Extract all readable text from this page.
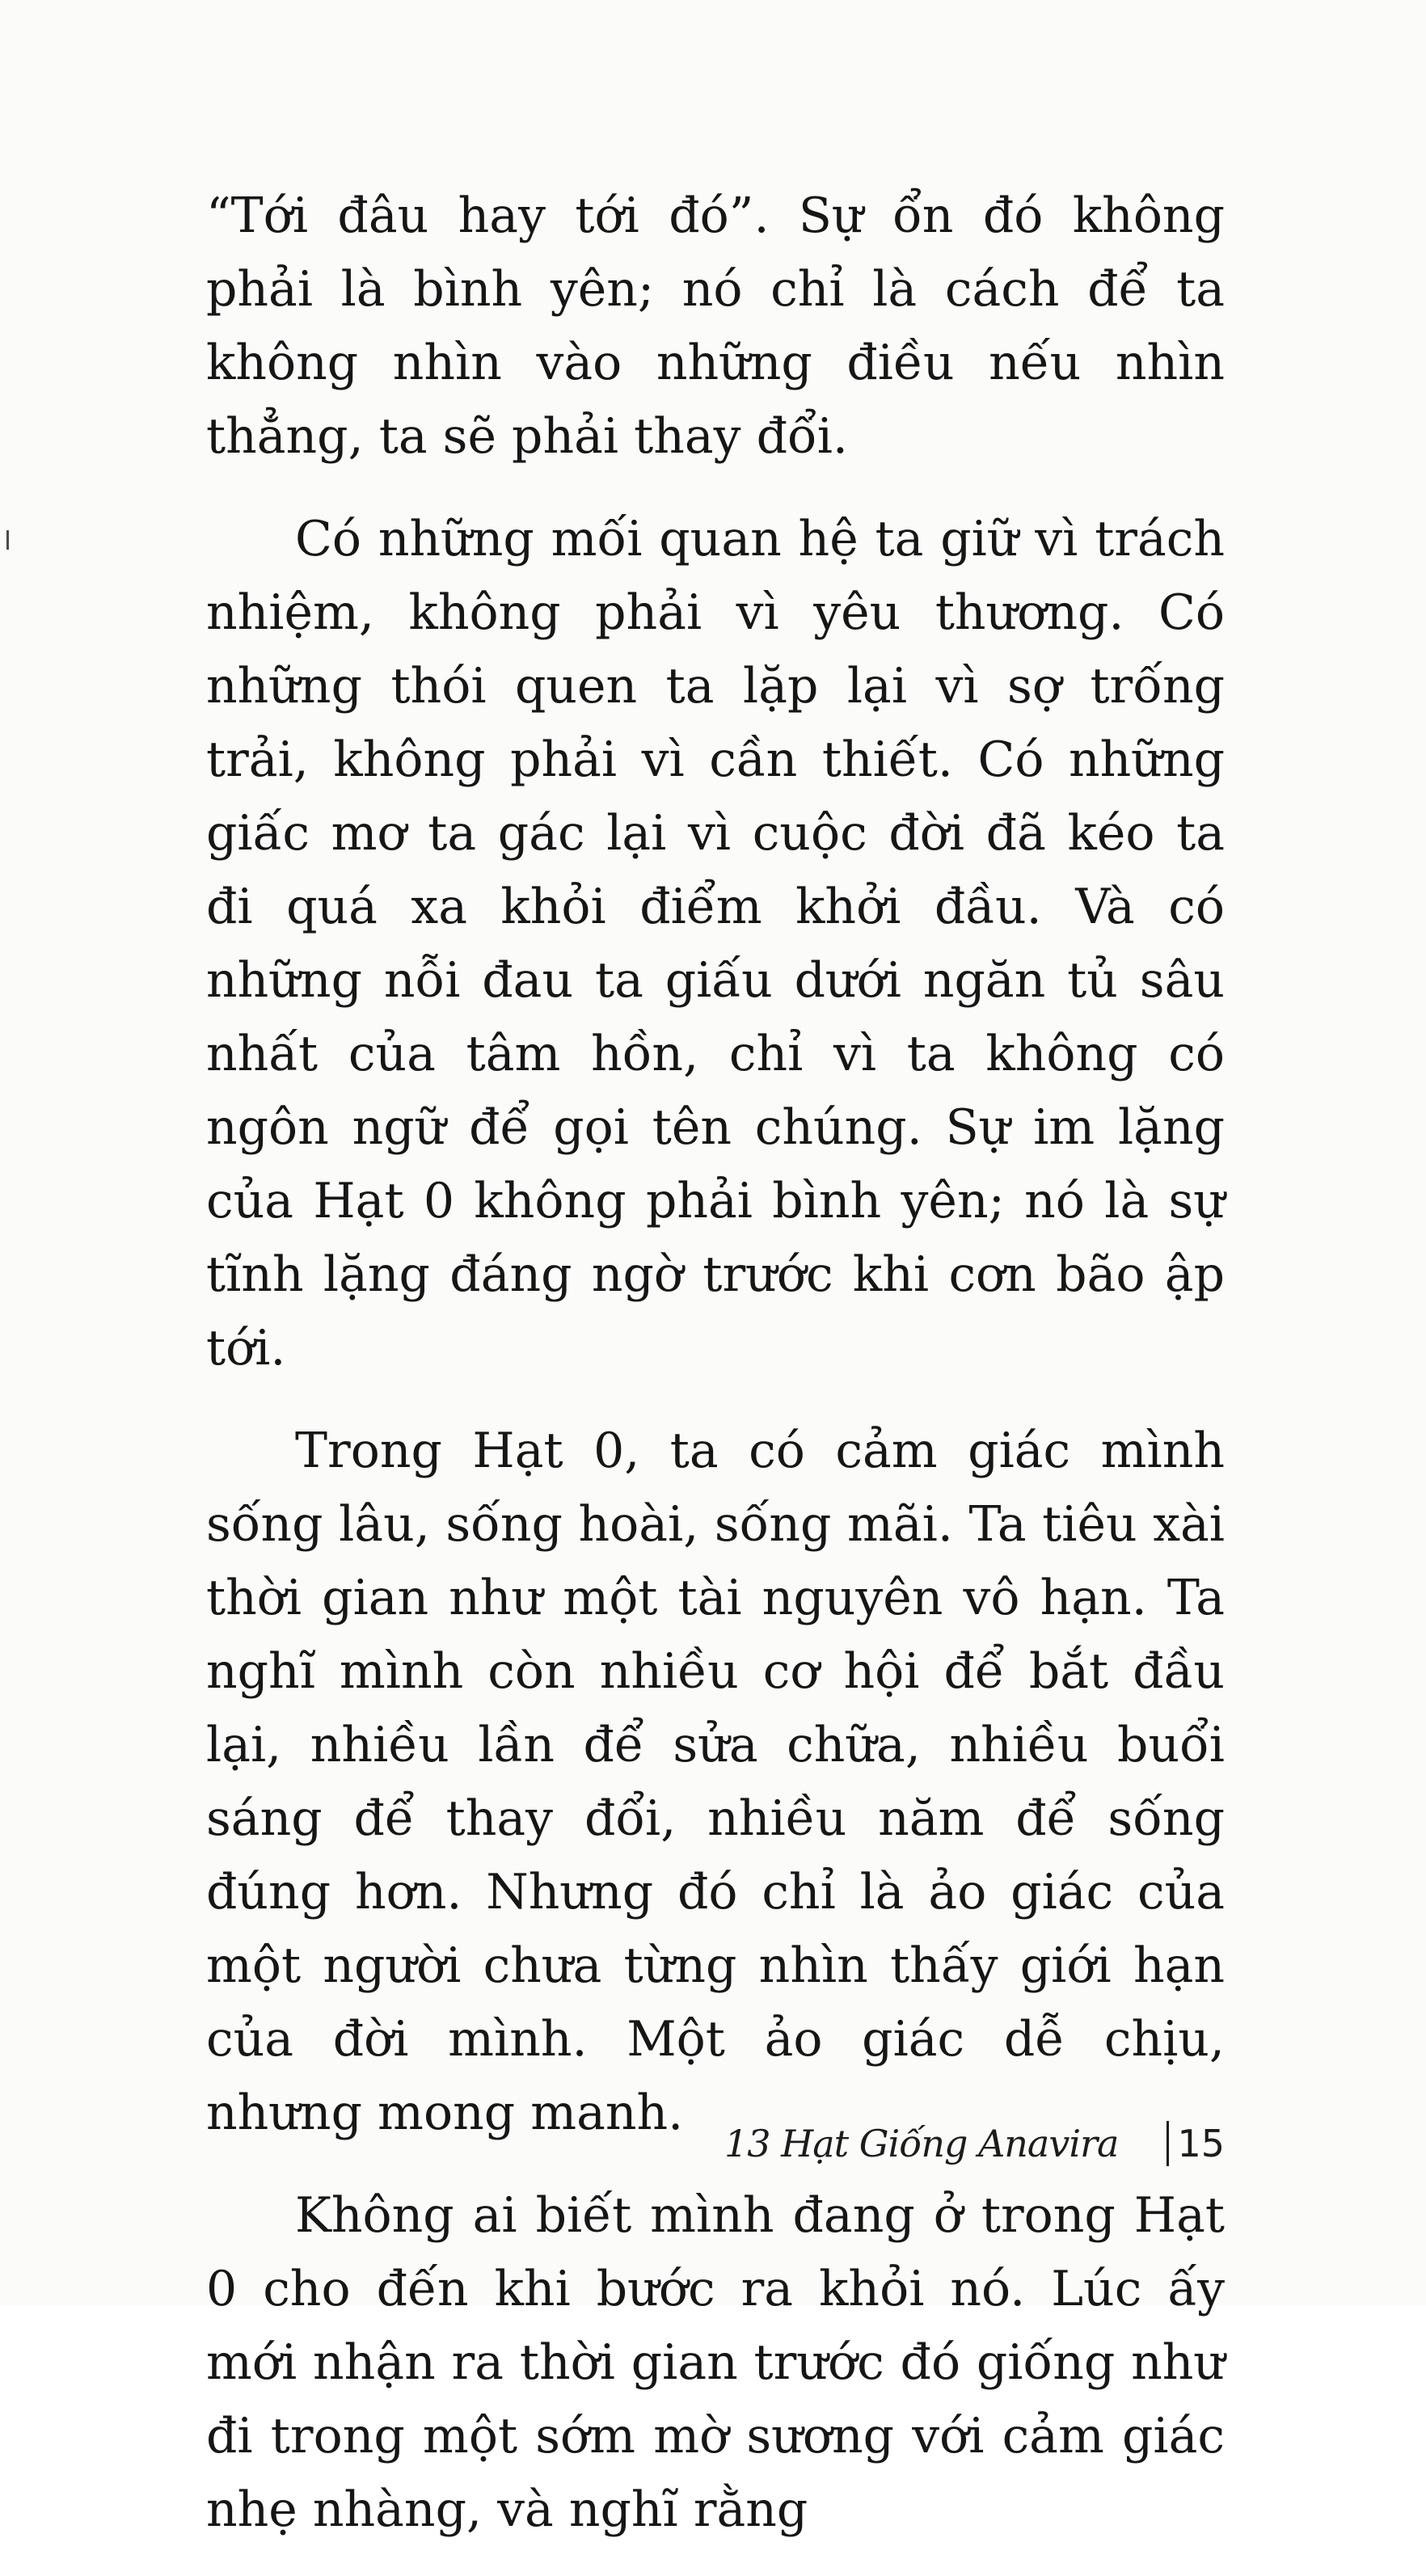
“Tới đâu hay tới đó”. Sự ổn đó không phải là bình yên; nó chỉ là cách để ta không nhìn vào những điều nếu nhìn thẳng, ta sẽ phải thay đổi.

Có những mối quan hệ ta giữ vì trách nhiệm, không phải vì yêu thương. Có những thói quen ta lặp lại vì sợ trống trải, không phải vì cần thiết. Có những giấc mơ ta gác lại vì cuộc đời đã kéo ta đi quá xa khỏi điểm khởi đầu. Và có những nỗi đau ta giấu dưới ngăn tủ sâu nhất của tâm hồn, chỉ vì ta không có ngôn ngữ để gọi tên chúng. Sự im lặng của Hạt 0 không phải bình yên; nó là sự tĩnh lặng đáng ngờ trước khi cơn bão ập tới.

Trong Hạt 0, ta có cảm giác mình sống lâu, sống hoài, sống mãi. Ta tiêu xài thời gian như một tài nguyên vô hạn. Ta nghĩ mình còn nhiều cơ hội để bắt đầu lại, nhiều lần để sửa chữa, nhiều buổi sáng để thay đổi, nhiều năm để sống đúng hơn. Nhưng đó chỉ là ảo giác của một người chưa từng nhìn thấy giới hạn của đời mình. Một ảo giác dễ chịu, nhưng mong manh.

Không ai biết mình đang ở trong Hạt 0 cho đến khi bước ra khỏi nó. Lúc ấy mới nhận ra thời gian trước đó giống như đi trong một sớm mờ sương với cảm giác nhẹ nhàng, và nghĩ rằng

13 Hạt Giống Anavira 15
